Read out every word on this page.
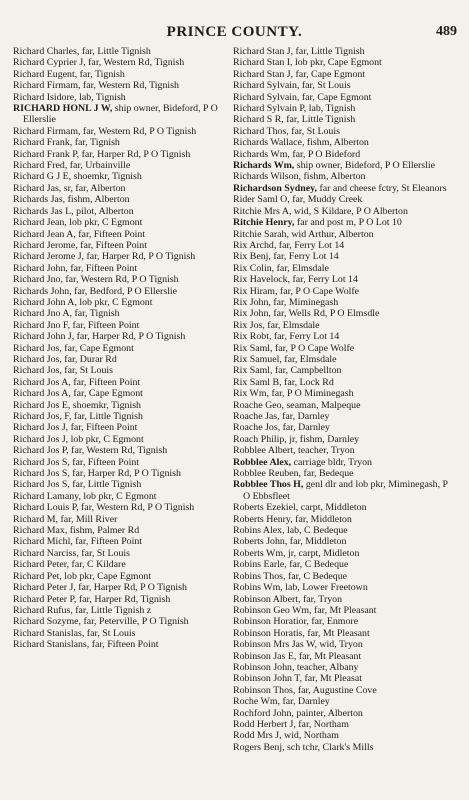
PRINCE COUNTY.	489
Richard Charles, far, Little Tignish
Richard Cyprier J, far, Western Rd, Tignish
Richard Eugent, far, Tignish
Richard Firmam, far, Western Rd, Tignish
Richard Isidore, lab, Tignish
RICHARD HONL J W, ship owner, Bideford, P O Ellerslie
Richard Firmam, far, Western Rd, P O Tignish
Richard Frank, far, Tignish
Richard Frank P, far, Harper Rd, P O Tignish
Richard Fred, far, Urbainville
Richard G J E, shoemkr, Tignish
Richard Jas, sr, far, Alberton
Richards Jas, fishm, Alberton
Richards Jas L, pilot, Alberton
Richard Jean, lob pkr, C Egmont
Richard Jean A, far, Fifteen Point
Richard Jerome, far, Fifteen Point
Richard Jerome J, far, Harper Rd, P O Tignish
Richard John, far, Fifteen Point
Richard Jno, far, Western Rd, P O Tignish
Richards John, far, Bedford, P O Ellerslie
Richard John A, lob pkr, C Egmont
Richard Jno A, far, Tignish
Richard Jno F, far, Fifteen Point
Richard John J, far, Harper Rd, P O Tignish
Richard Jos, far, Cape Egmont
Richard Jos, far, Durar Rd
Richard Jos, far, St Louis
Richard Jos A, far, Fifteen Point
Richard Jos A, far, Cape Egmont
Richard Jos E, shoemkr, Tignish
Richard Jos, F, far, Little Tignish
Richard Jos J, far, Fifteen Point
Richard Jos J, lob pkr, C Egmont
Richard Jos P, far, Western Rd, Tignish
Richard Jos S, far, Fifteen Point
Richard Jos S, far, Harper Rd, P O Tignish
Richard Jos S, far, Little Tignish
Richard Lamany, lob pkr, C Egmont
Richard Louis P, far, Western Rd, P O Tignish
Richard M, far, Mill River
Richard Max, fishm, Palmer Rd
Richard Michl, far, Fifteen Point
Richard Narciss, far, St Louis
Richard Peter, far, C Kildare
Richard Pet, lob pkr, Cape Egmont
Richard Peter J, far, Harper Rd, P O Tignish
Richard Peter P, far, Harper Rd, Tignish
Richard Rufus, far, Little Tignish z
Richard Sozyme, far, Peterville, P O Tignish
Richard Stanislas, far, St Louis
Richard Stanislans, far, Fifteen Point
Richard Stan J, far, Little Tignish
Richard Stan I, lob pkr, Cape Egmont
Richard Stan J, far, Cape Egmont
Richard Sylvain, far, St Louis
Richard Sylvain, far, Cape Egmont
Richard Sylvain P, lab, Tignish
Richard S R, far, Little Tignish
Richard Thos, far, St Louis
Richards Wallace, fishm, Alberton
Richards Wm, far, P O Bideford
Richards Wm, ship owner, Bideford, P O Ellerslie
Richards Wilson, fishm, Alberton
Richardson Sydney, far and cheese fctry, St Eleanors
Rider Saml O, far, Muddy Creek
Ritchie Mrs A, wid, S Kildare, P O Alberton
Ritchie Henry, far and post m, P O Lot 10
Ritchie Sarah, wid Arthur, Alberton
Rix Archd, far, Ferry Lot 14
Rix Benj, far, Ferry Lot 14
Rix Colin, far, Elmsdale
Rix Havelock, far, Ferry Lot 14
Rix Hiram, far, P O Cape Wolfe
Rix John, far, Miminegash
Rix John, far, Wells Rd, P O Elmsdle
Rix Jos, far, Elmsdale
Rix Robt, far, Ferry Lot 14
Rix Saml, far, P O Cape Wolfe
Rix Samuel, far, Elmsdale
Rix Saml, far, Campbellton
Rix Saml B, far, Lock Rd
Rix Wm, far, P O Miminegash
Roache Geo, seaman, Malpeque
Roache Jas, far, Darnley
Roache Jos, far, Darnley
Roach Philip, jr, fishm, Darnley
Robblee Albert, teacher, Tryon
Robblee Alex, carriage bldr, Tryon
Robblee Reuben, far, Bedeque
Robblee Thos H, genl dlr and lob pkr, Miminegash, P O Ebbsfleet
Roberts Ezekiel, carpt, Middleton
Roberts Henry, far, Middleton
Robins Alex, lab, C Bedeque
Roberts John, far, Middleton
Roberts Wm, jr, carpt, Midleton
Robins Earle, far, C Bedeque
Robins Thos, far, C Bedeque
Robins Wm, lab, Lower Freetown
Robinson Albert, far, Tryon
Robinson Geo Wm, far, Mt Pleasant
Robinson Horatior, far, Enmore
Robinson Horatis, far, Mt Pleasant
Robinson Mrs Jas W, wid, Tryon
Robinson Jas E, far, Mt Pleasant
Robinson John, teacher, Albany
Robinson John T, far, Mt Pleasat
Robinson Thos, far, Augustine Cove
Roche Wm, far, Darnley
Rochford John, painter, Alberton
Rodd Herbert J, far, Northam
Rodd Mrs J, wid, Northam
Rogers Benj, sch tchr, Clark's Mills
